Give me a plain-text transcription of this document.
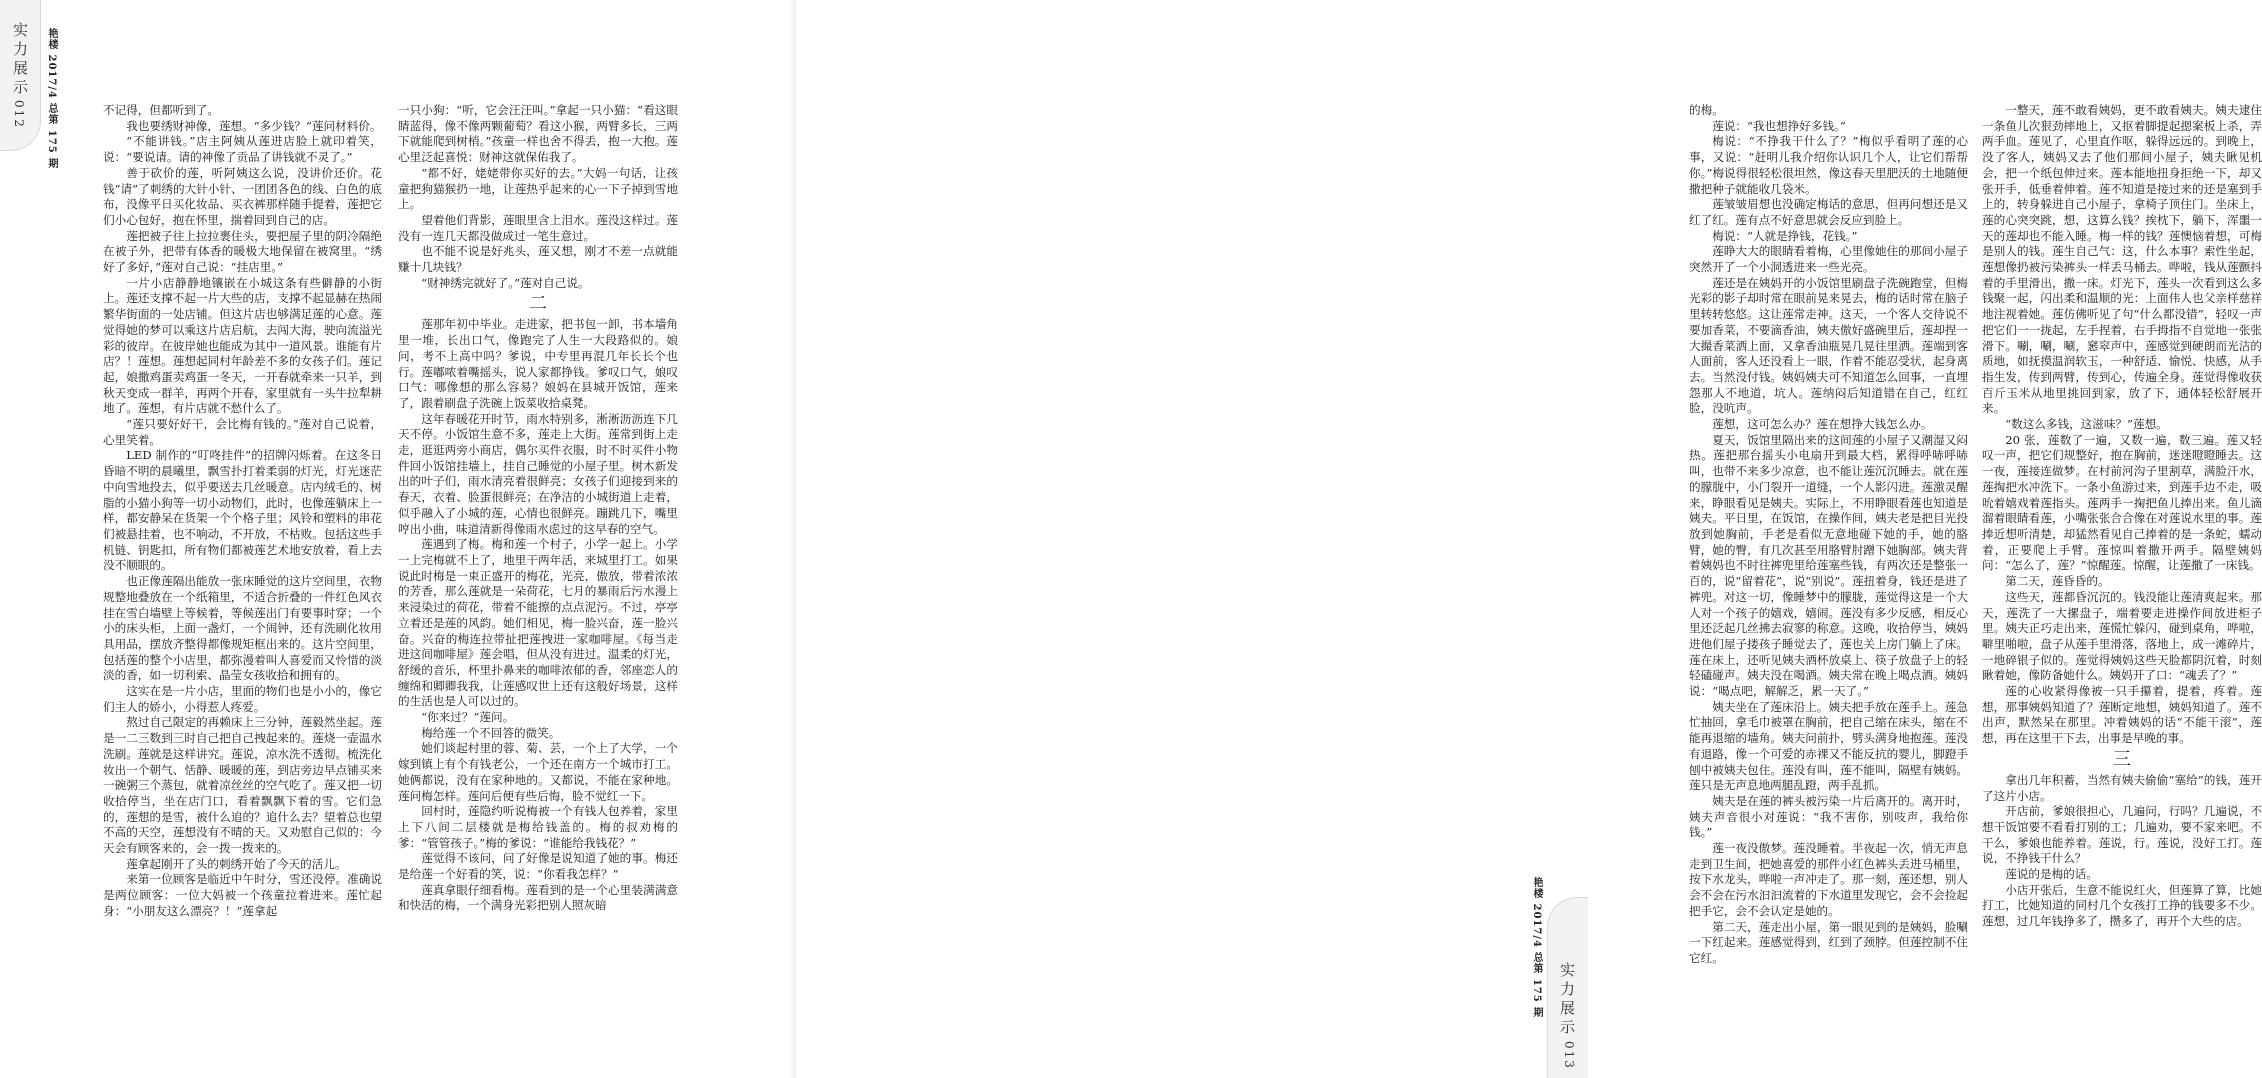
实力展示
012 艳楼 2017/4 总第 175 期	不记得，但都听到了。

我也要绣财神像，莲想。“多少钱？”莲问材料价。

“不能讲钱。”店主阿姨从莲进店脸上就印着笑，说：“要说请。请的神像了贡品了讲钱就不灵了。”

善于砍价的莲，听阿姨这么说，没讲价还价。花钱“请”了刺绣的大针小针、一团团各色的线、白色的底布，没像平日买化妆品、买衣裤那样随手提着，莲把它们小心包好，抱在怀里，揣着回到自己的店。

莲把被子往上拉拉裹住头，要把屋子里的阴冷隔绝在被子外，把带有体香的暖极大地保留在被窝里。“绣好了多好，”莲对自己说：“挂店里。”

一片小店静静地镶嵌在小城这条有些僻静的小街上。莲还支撑不起一片大些的店，支撑不起显赫在热闹繁华街面的一处店铺。但这片店也够满足莲的心意。莲觉得她的梦可以乘这片店启航，去闯大海，驶向流溢光彩的彼岸。在彼岸她也能成为其中一道风景。谁能有片店？！莲想。莲想起同村年龄差不多的女孩子们。莲记起，娘撒鸡蛋卖鸡蛋一冬天，一开春就牵来一只羊，到秋天变成一群羊，再两个开春，家里就有一头牛拉犁耕地了。莲想，有片店就不愁什么了。

“莲只要好好干，会比梅有钱的。”莲对自己说着，心里笑着。

LED 制作的“叮咚挂件”的招牌闪烁着。在这冬日昏暗不明的晨曦里，飘雪扑打着柔弱的灯光，灯光迷茫中向雪地投去，似乎要送去几丝暖意。店内绒毛的、树脂的小猫小狗等一切小动物们，此时，也像莲躺床上一样，都安静呆在货架一个个格子里；风铃和塑料的串花们被悬挂着，也不响动，不开放，不枯败。包括这些手机链、钥匙扣，所有物们都被莲艺术地安放着，看上去没不顺眼的。

也正像莲隔出能放一张床睡觉的这片空间里，衣物规整地叠放在一个纸箱里，不适合折叠的一件红色风衣挂在雪白墙壁上等候着，等候莲出门有要事时穿；一个小的床头柜，上面一盏灯，一个闹钟，还有洗刷化妆用具用品，摆放齐整得都像规矩框出来的。这片空间里，包括莲的整个小店里，都弥漫着叫人喜爱而又怜惜的淡淡的香，如一切利索、晶莹女孩收拾和拥有的。

这实在是一片小店，里面的物们也是小小的，像它们主人的娇小，小得惹人疼爱。

熬过自己限定的再赖床上三分钟，莲毅然坐起。莲是一二三数到三时自己把自己拽起来的。莲烧一壶温水洗刷。莲就是这样讲究。莲说，凉水洗不透彻。梳洗化妆出一个朝气、恬静、暖暖的莲，到店旁边早点铺买来一碗粥三个蒸包，就着凉丝丝的空气吃了。莲又把一切收拾停当，坐在店门口，看着飘飘下着的雪。它们急的，莲想的是雪，被什么追的？追什么去？望着总也望不高的天空，莲想没有不晴的天。又劝慰自己似的：今天会有顾客来的，会一拨一拨来的。

莲拿起刚开了头的刺绣开始了今天的活儿。

来第一位顾客是临近中午时分，雪还没停。准确说是两位顾客：一位大妈被一个孩童拉着进来。莲忙起身：“小朋友这么漂亮？！”莲拿起

一只小狗：“听，它会汪汪叫。”拿起一只小猫：“看这眼睛蓝得，像不像两颗葡萄？看这小猴，两臂多长，三两下就能爬到树梢。”孩童一样也舍不得丢，抱一大抱。莲心里泛起喜悦：财神这就保佑我了。

“都不好，姥姥带你买好的去。”大妈一句话，让孩童把狗猫猴扔一地，让莲热乎起来的心一下子掉到雪地上。

望着他们背影，莲眼里含上泪水。莲没这样过。莲没有一连几天都没做成过一笔生意过。

也不能不说是好兆头，莲又想，刚才不差一点就能赚十几块钱？

“财神绣完就好了。”莲对自己说。

二

莲那年初中毕业。走进家，把书包一卸，书本墙角里一堆，长出口气，像跑完了人生一大段路似的。娘问，考不上高中吗？爹说，中专里再混几年长长个也行。莲嘟哝着嘴摇头，说人家都挣钱。爹叹口气，娘叹口气：哪像想的那么容易？娘妈在县城开饭馆，莲来了，跟着刷盘子洗碗上饭菜收拾桌凳。

这年春暖花开时节，雨水特别多，淅淅沥沥连下几天不停。小饭馆生意不多，莲走上大街。莲常到街上走走，逛逛两旁小商店，偶尔买件衣服，时不时买件小物件回小饭馆挂墙上，挂自己睡觉的小屋子里。树木新发出的叶子们，雨水清亮着很鲜亮；女孩子们迎接到来的春天，衣着、脸蛋很鲜亮；在净洁的小城街道上走着，似乎融入了小城的莲，心情也很鲜亮。蹦跳几下，嘴里哼出小曲，味道清新得像雨水虑过的这早春的空气。

莲遇到了梅。梅和莲一个村子，小学一起上。小学一上完梅就不上了，地里干两年活，来城里打工。如果说此时梅是一束正盛开的梅花，光亮，傲放，带着浓浓的芳香，那么莲就是一朵荷花，七月的暴雨后污水漫上来浸染过的荷花，带着不能擦的点点泥污。不过，亭亭立着还是莲的风韵。她们相见，梅一脸兴奋，莲一脸兴奋。兴奋的梅连拉带扯把莲拽进一家咖啡屋。《每当走进这间咖啡屋》莲会唱，但从没有进过。温柔的灯光，舒缓的音乐，杯里扑鼻来的咖啡浓郁的香，邻座恋人的缠绵和卿卿我我，让莲感叹世上还有这般好场景，这样的生活也是人可以过的。

“你来过？”莲问。

梅给莲一个不回答的微笑。

她们谈起村里的蓉、菊、芸，一个上了大学，一个嫁到镇上有个有钱老公，一个还在南方一个城市打工。她俩都说，没有在家种地的。又都说，不能在家种地。莲问梅怎样。莲问后便有些后悔，脸不觉红一下。

回村时，莲隐约听说梅被一个有钱人包养着，家里上下八间二层楼就是梅给钱盖的。梅的叔劝梅的爹：“管管孩子。”梅的爹说：“谁能给我钱花？”

莲觉得不该问，问了好像是说知道了她的事。梅还是给莲一个好看的笑，说：“你看我怎样？”

莲真拿眼仔细看梅。莲看到的是一个心里装满满意和快活的梅，一个满身光彩把别人照灰暗

实力展示
013
艳楼 2017/4 总第 175 期

的梅。

莲说：“我也想挣好多钱。”

梅说：“不挣我干什么了？”梅似乎看明了莲的心事，又说：“赶明儿我介绍你认识几个人，让它们帮帮你。”梅说得很轻松很坦然，像这春天里肥沃的土地随便撒把种子就能收几袋米。

莲皱皱眉想也没确定梅话的意思，但再问想还是又红了红。莲有点不好意思就会反应到脸上。

梅说：“人就是挣钱，花钱。”

莲睁大大的眼睛看着梅，心里像她住的那间小屋子突然开了一个小洞透进来一些光亮。

莲还是在姨妈开的小饭馆里刷盘子洗碗跑堂，但梅光彩的影子却时常在眼前晃来晃去，梅的话时常在脑子里转转悠悠。这让莲常走神。这天，一个客人交待说不要加香菜，不要滴香油，姨夫傲好盛碗里后，莲却捏一大撮香菜洒上面，又拿香油瓶晃几晃往里洒。莲端到客人面前，客人还没看上一眼，作着不能忍受状，起身离去。当然没付钱。姨妈姨夫可不知道怎么回事，一直埋怨那人不地道，坑人。莲纳闷后知道错在自己，红红脸，没吭声。

莲想，这可怎么办？莲在想挣大钱怎么办。

夏天，饭馆里隔出来的这间莲的小屋子又潮湿又闷热。莲把那台摇头小电扇开到最大档，累得呼哧呼哧叫，也带不来多少凉意，也不能让莲沉沉睡去。就在莲的朦胧中，小门裂开一道缝，一个人影闪进。莲激灵醒来，睁眼看见是姨夫。实际上，不用睁眼看莲也知道是姨夫。平日里，在饭馆，在操作间，姨夫老是把目光投放到她胸前，手老是看似无意地碰下她的手，她的胳臂，她的臀，有几次甚至用胳臂肘蹭下她胸部。姨夫背着姨妈也不时往裤兜里给莲塞些钱，有两次还是整张一百的，说“留着花”，说“别说”。莲扭着身，钱还是进了裤兜。对这一切，像睡梦中的朦胧，莲觉得这是一个大人对一个孩子的嬉戏，嬉闹。莲没有多少反感，相反心里还泛起几丝拂去寂寥的称意。这晚，收拾停当，姨妈进他们屋子搂孩子睡觉去了，莲也关上房门躺上了床。莲在床上，还听见姨夫酒杯放桌上、筷子放盘子上的轻轻磕碰声。姨夫没在喝酒。姨夫常在晚上喝点酒。姨妈说：“喝点吧，解解乏，累一天了。”

姨夫坐在了莲床沿上。姨夫把手放在莲手上。莲急忙抽回，拿毛巾被罩在胸前，把自己缩在床头，缩在不能再退缩的墙角。姨夫问前扑，劈头满身地抱莲。莲没有退路，像一个可爱的赤裸又不能反抗的婴儿，脚蹬手刨中被姨夫包住。莲没有叫，莲不能叫，隔壁有姨妈。莲只是无声息地两腿乱蹬，两手乱抓。

姨夫是在莲的裤头被污染一片后离开的。离开时，姨夫声音很小对莲说：“我不害你，别吱声，我给你钱。”

莲一夜没傲梦。莲没睡着。半夜起一次，悄无声息走到卫生间，把她喜爱的那件小红色裤头丢进马桶里，按下水龙头，哗啦一声冲走了。那一刻，莲还想，别人会不会在污水汩汩流着的下水道里发现它，会不会捡起把手它，会不会认定是她的。

第二天，莲走出小屋，第一眼见到的是姨妈，脸唰一下红起来。莲感觉得到，红到了颈脖。但莲控制不住它红。

一整天，莲不敢看姨妈，更不敢看姨夫。姨夫逮住一条鱼儿次狠劲摔地上，又抠着脚提起摁案板上杀，弄两手血。莲见了，心里直作呕，躲得远远的。到晚上，没了客人，姨妈又去了他们那间小屋子，姨夫瞅见机会，把一个纸包伸过来。莲本能地扭身拒绝一下，却又张开手，低垂着伸着。莲不知道是接过来的还是塞到手上的，转身躲进自己小屋子，拿椅子顶住门。坐床上，莲的心突突跳，想，这算么钱？挨枕下，躺下，浑噩一天的莲却也不能入睡。梅一样的钱？莲懊恼着想，可梅是别人的钱。莲生自己气：这，什么本事？索性坐起，莲想像扔被污染裤头一样丢马桶去。哗啦，钱从莲颤抖着的手里滑出，撒一床。灯光下，莲头一次看到这么多钱聚一起，闪出柔和温顺的光：上面伟人也父亲样慈祥地注视着她。莲仿佛听见了句“什么都没错”，轻叹一声把它们一一拢起，左手捏着，右手拇指不自觉地一张张滑下。唰，唰，唰，窸窣声中，莲感觉到硬朗而光洁的质地，如抚摸温润软玉，一种舒适、愉悦、快感，从手指生发，传到两臂，传到心，传遍全身。莲觉得像收获百斤玉米从地里挑回到家，放了下，通体轻松舒展开来。

“数这么多钱，这滋味？”莲想。

20 张，莲数了一遍，又数一遍，数三遍。莲又轻叹一声，把它们规整好，抱在胸前，迷迷瞪瞪睡去。这一夜，莲接连做梦。在村前河沟子里割草，满脸汗水，莲掏把水冲洗下。一条小鱼游过来，到莲手边不走，吸吮着嬉戏着莲指头。莲两手一掬把鱼儿捧出来。鱼儿滴溜着眼睛看莲，小嘴张张合合像在对莲说水里的事。莲捧近想听清楚，却猛然看见自己捧着的是一条蛇，蠕动着，正要爬上手臂。莲惊叫着撒开两手。隔壁姨妈问：“怎么了，莲？”惊醒莲。惊醒，让莲撒了一床钱。

第二天，莲昏昏的。

这些天，莲都昏沉沉的。钱没能让莲清爽起来。那天，莲洗了一大摞盘子，端着要走进操作间放进柜子里。姨夫正巧走出来，莲慌忙躲闪，碰到桌角，哗啦，噼里啪啦，盘子从莲手里滑落，落地上，成一滩碎片，一地碎银子似的。莲觉得姨妈这些天脸都阴沉着，时刻瞅着她，像防备她什么。姨妈开了口：“魂丢了？”

莲的心收紧得像被一只手攥着，提着，疼着。莲想，那事姨妈知道了？莲断定地想，姨妈知道了。莲不出声，默然呆在那里。冲着姨妈的话“不能干滚”，莲想，再在这里干下去，出事是早晚的事。

三

拿出几年积蓄，当然有姨夫偷偷“塞给”的钱，莲开了这片小店。

开店前，爹娘很担心，几遍问，行吗？几遍说，不想干饭馆要不看看打别的工；几遍劝，要不家来吧。不干么，爹娘也能养着。莲说，行。莲说，没好工打。莲说，不挣钱干什么？

莲说的是梅的话。

小店开张后，生意不能说红火，但莲算了算，比她打工，比她知道的同村几个女孩打工挣的钱要多不少。莲想，过几年钱挣多了，攒多了，再开个大些的店。
